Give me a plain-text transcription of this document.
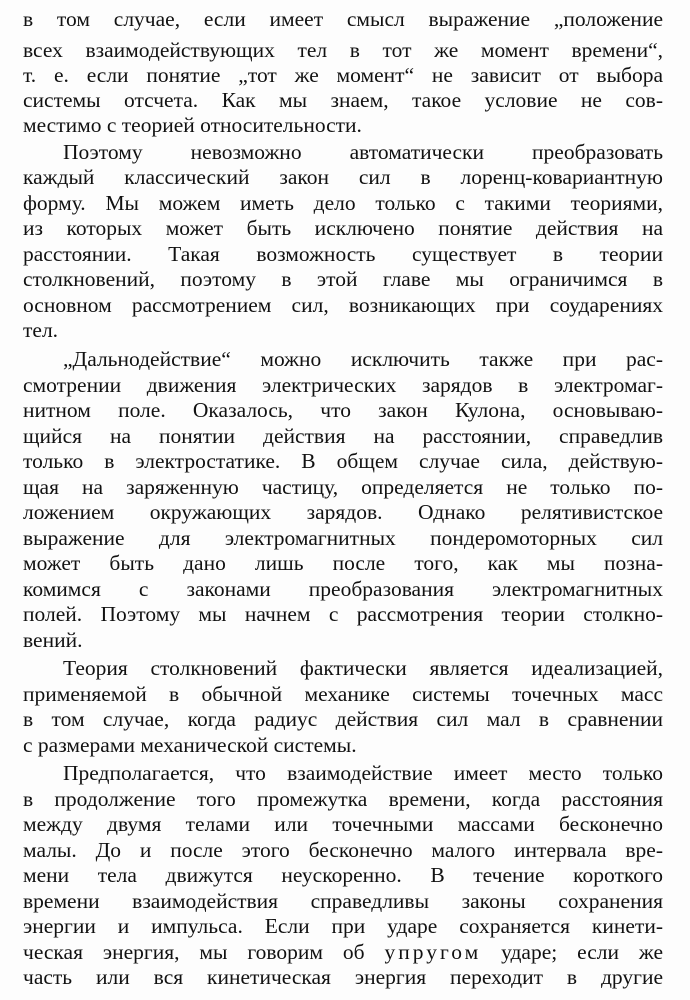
в том случае, если имеет смысл выражение „положение
всех взаимодействующих тел в тот же момент времени“,
т. е. если понятие „тот же момент“ не зависит от выбора
системы отсчета. Как мы знаем, такое условие не сов-
местимо с теорией относительности.
Поэтому невозможно автоматически преобразовать
каждый классический закон сил в лоренц-ковариантную
форму. Мы можем иметь дело только с такими теориями,
из которых может быть исключено понятие действия на
расстоянии. Такая возможность существует в теории
столкновений, поэтому в этой главе мы ограничимся в
основном рассмотрением сил, возникающих при соударениях
тел.
„Дальнодействие“ можно исключить также при рас-
смотрении движения электрических зарядов в электромаг-
нитном поле. Оказалось, что закон Кулона, основываю-
щийся на понятии действия на расстоянии, справедлив
только в электростатике. В общем случае сила, действую-
щая на заряженную частицу, определяется не только по-
ложением окружающих зарядов. Однако релятивистское
выражение для электромагнитных пондеромоторных сил
может быть дано лишь после того, как мы позна-
комимся с законами преобразования электромагнитных
полей. Поэтому мы начнем с рассмотрения теории столкно-
вений.
Теория столкновений фактически является идеализацией,
применяемой в обычной механике системы точечных масс
в том случае, когда радиус действия сил мал в сравнении
с размерами механической системы.
Предполагается, что взаимодействие имеет место только
в продолжение того промежутка времени, когда расстояния
между двумя телами или точечными массами бесконечно
малы. До и после этого бесконечно малого интервала вре-
мени тела движутся неускоренно. В течение короткого
времени взаимодействия справедливы законы сохранения
энергии и импульса. Если при ударе сохраняется кинети-
ческая энергия, мы говорим об упругом ударе; если же
часть или вся кинетическая энергия переходит в другие
